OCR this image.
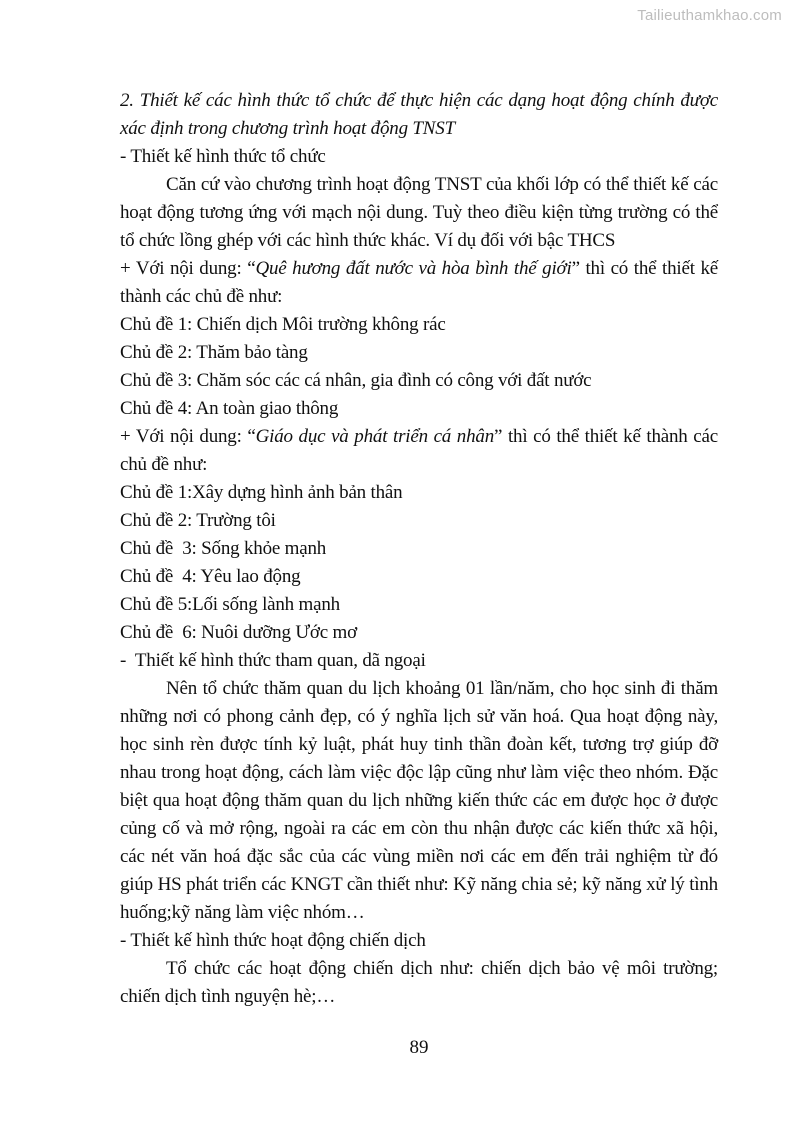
Tailieuthamkhao.com

2. Thiết kế các hình thức tổ chức để thực hiện các dạng hoạt động chính được xác định trong chương trình hoạt động TNST

- Thiết kế hình thức tổ chức

Căn cứ vào chương trình hoạt động TNST của khối lớp có thể thiết kế các hoạt động tương ứng với mạch nội dung. Tuỳ theo điều kiện từng trường có thể tổ chức lồng ghép với các hình thức khác. Ví dụ đối với bậc THCS

+ Với nội dung: “Quê hương đất nước và hòa bình thế giới” thì có thể thiết kế thành các chủ đề như:

Chủ đề 1: Chiến dịch Môi trường không rác

Chủ đề 2: Thăm bảo tàng

Chủ đề 3: Chăm sóc các cá nhân, gia đình có công với đất nước

Chủ đề 4: An toàn giao thông

+ Với nội dung: “Giáo dục và phát triển cá nhân” thì có thể thiết kế thành các chủ đề như:

Chủ đề 1:Xây dựng hình ảnh bản thân

Chủ đề 2: Trường tôi

Chủ đề  3: Sống khỏe mạnh

Chủ đề  4: Yêu lao động

Chủ đề 5:Lối sống lành mạnh

Chủ đề  6: Nuôi dưỡng Ước mơ

-  Thiết kế hình thức tham quan, dã ngoại

Nên tổ chức thăm quan du lịch khoảng 01 lần/năm, cho học sinh đi thăm những nơi có phong cảnh đẹp, có ý nghĩa lịch sử văn hoá. Qua hoạt động này, học sinh rèn được tính kỷ luật, phát huy tinh thần đoàn kết, tương trợ giúp đỡ nhau trong hoạt động, cách làm việc độc lập cũng như làm việc theo nhóm. Đặc biệt qua hoạt động thăm quan du lịch những kiến thức các em được học ở được củng cố và mở rộng, ngoài ra các em còn thu nhận được các kiến thức xã hội, các nét văn hoá đặc sắc của các vùng miền nơi các em đến trải nghiệm từ đó giúp HS phát triển các KNGT cần thiết như: Kỹ năng chia sẻ; kỹ năng xử lý tình huống;kỹ năng làm việc nhóm…

- Thiết kế hình thức hoạt động chiến dịch

Tổ chức các hoạt động chiến dịch như: chiến dịch bảo vệ môi trường; chiến dịch tình nguyện hè;…

89
